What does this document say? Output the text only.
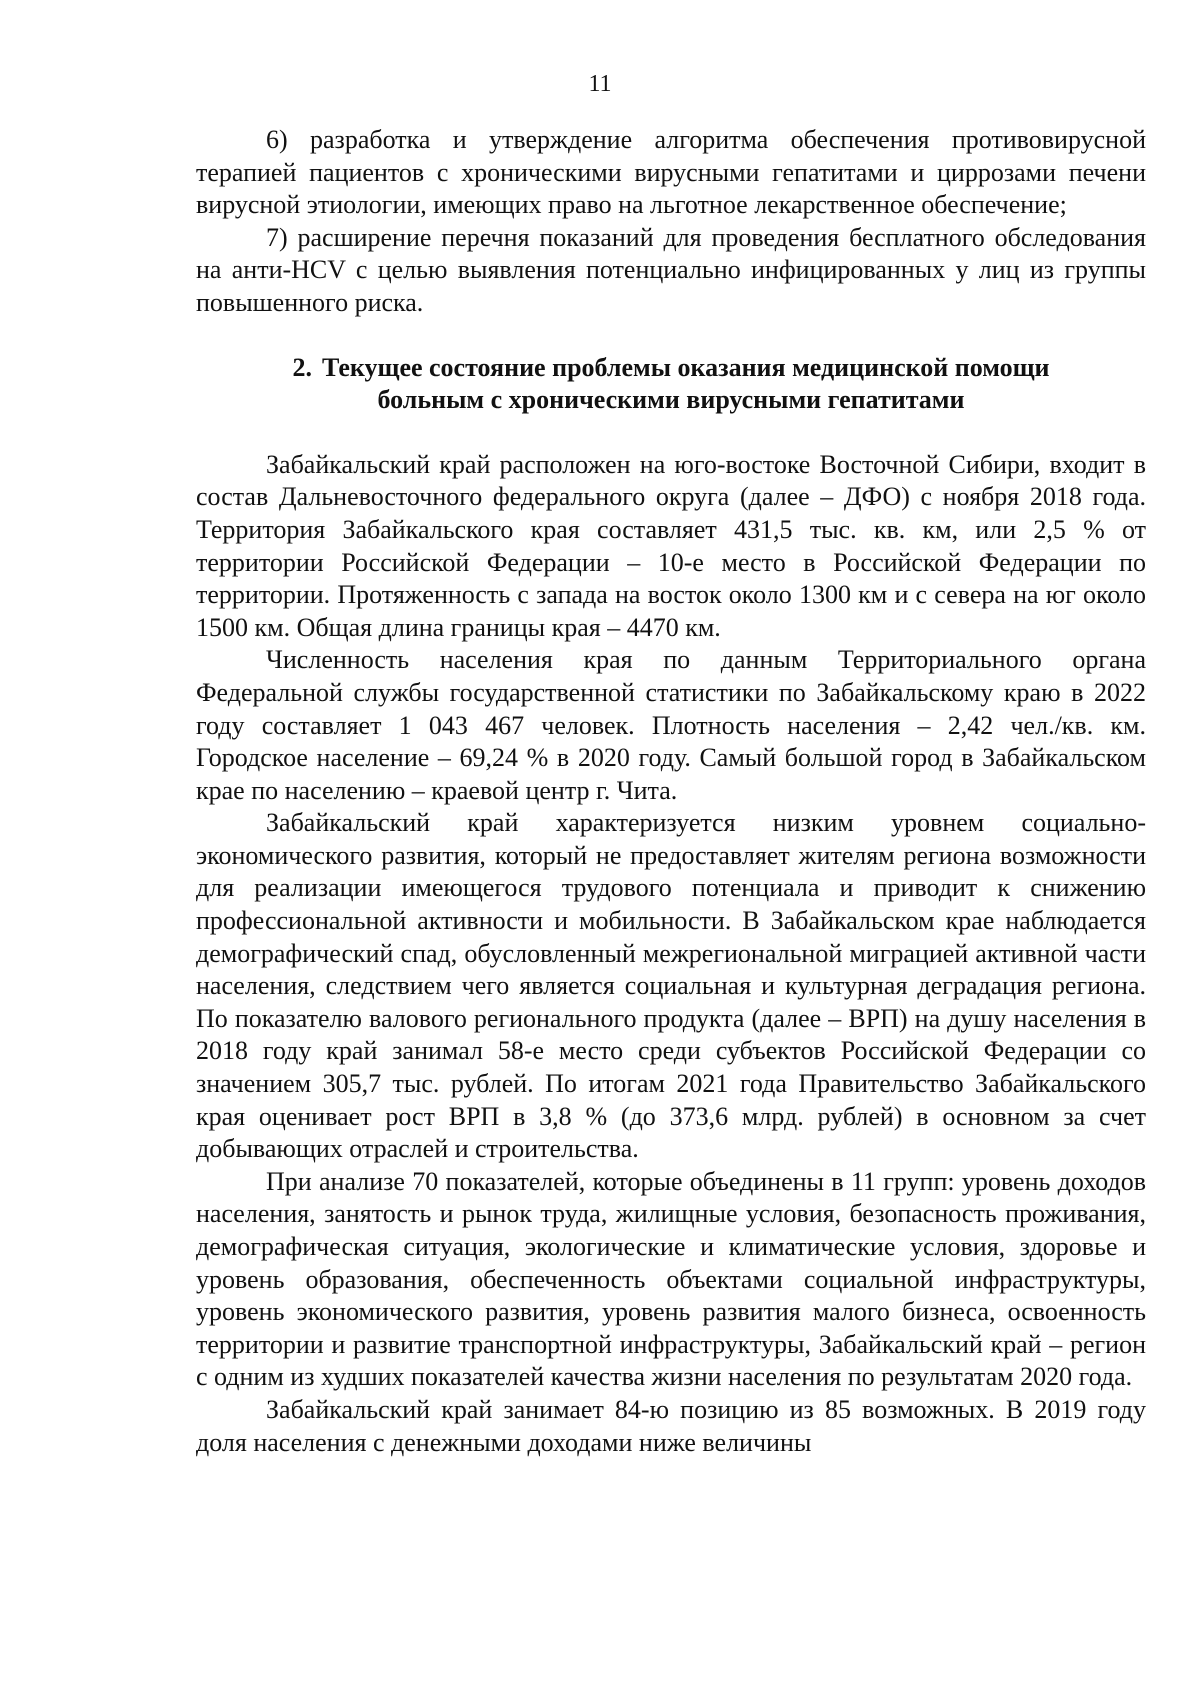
11

6) разработка и утверждение алгоритма обеспечения противовирусной терапией пациентов с хроническими вирусными гепатитами и циррозами печени вирусной этиологии, имеющих право на льготное лекарственное обеспечение;

7) расширение перечня показаний для проведения бесплатного обследования на анти-HCV с целью выявления потенциально инфицированных у лиц из группы повышенного риска.

2. Текущее состояние проблемы оказания медицинской помощи
больным с хроническими вирусными гепатитами

Забайкальский край расположен на юго-востоке Восточной Сибири, входит в состав Дальневосточного федерального округа (далее – ДФО) с ноября 2018 года. Территория Забайкальского края составляет 431,5 тыс. кв. км, или 2,5 % от территории Российской Федерации – 10-е место в Российской Федерации по территории. Протяженность с запада на восток около 1300 км и с севера на юг около 1500 км. Общая длина границы края – 4470 км.

Численность населения края по данным Территориального органа Федеральной службы государственной статистики по Забайкальскому краю в 2022 году составляет 1 043 467 человек. Плотность населения – 2,42 чел./кв. км. Городское население – 69,24 % в 2020 году. Самый большой город в Забайкальском крае по населению – краевой центр г. Чита.

Забайкальский край характеризуется низким уровнем социально-экономического развития, который не предоставляет жителям региона возможности для реализации имеющегося трудового потенциала и приводит к снижению профессиональной активности и мобильности. В Забайкальском крае наблюдается демографический спад, обусловленный межрегиональной миграцией активной части населения, следствием чего является социальная и культурная деградация региона. По показателю валового регионального продукта (далее – ВРП) на душу населения в 2018 году край занимал 58-е место среди субъектов Российской Федерации со значением 305,7 тыс. рублей. По итогам 2021 года Правительство Забайкальского края оценивает рост ВРП в 3,8 % (до 373,6 млрд. рублей) в основном за счет добывающих отраслей и строительства.

При анализе 70 показателей, которые объединены в 11 групп: уровень доходов населения, занятость и рынок труда, жилищные условия, безопасность проживания, демографическая ситуация, экологические и климатические условия, здоровье и уровень образования, обеспеченность объектами социальной инфраструктуры, уровень экономического развития, уровень развития малого бизнеса, освоенность территории и развитие транспортной инфраструктуры, Забайкальский край – регион с одним из худших показателей качества жизни населения по результатам 2020 года.

Забайкальский край занимает 84-ю позицию из 85 возможных. В 2019 году доля населения с денежными доходами ниже величины
